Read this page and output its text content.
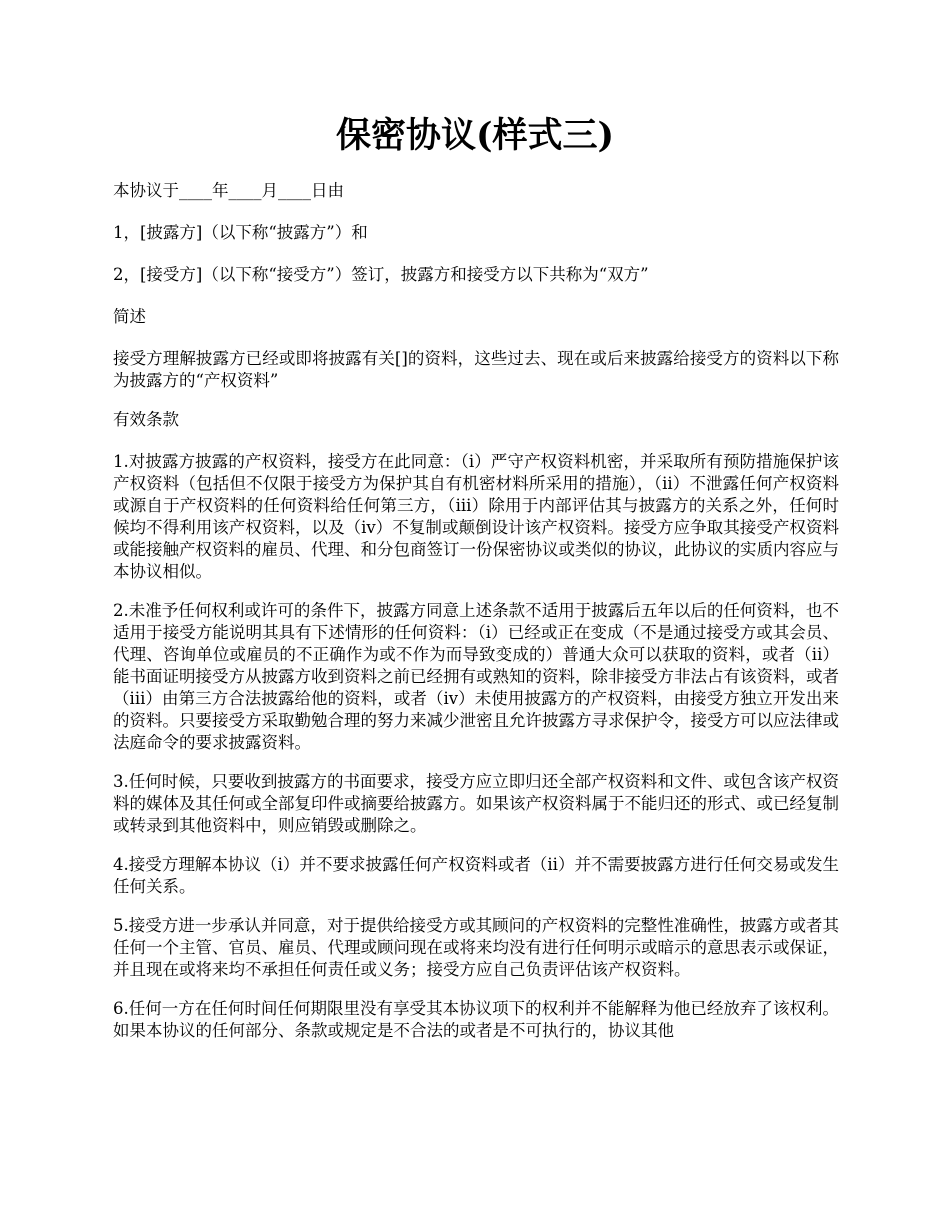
保密协议(样式三)

本协议于____年____月____日由

1，[披露方]（以下称“披露方”）和

2，[接受方]（以下称“接受方”）签订，披露方和接受方以下共称为“双方”

简述

接受方理解披露方已经或即将披露有关[]的资料，这些过去、现在或后来披露给接受方的资料以下称为披露方的“产权资料”

有效条款

1.对披露方披露的产权资料，接受方在此同意：（i）严守产权资料机密，并采取所有预防措施保护该产权资料（包括但不仅限于接受方为保护其自有机密材料所采用的措施），（ii）不泄露任何产权资料或源自于产权资料的任何资料给任何第三方，（iii）除用于内部评估其与披露方的关系之外，任何时候均不得利用该产权资料，以及（iv）不复制或颠倒设计该产权资料。接受方应争取其接受产权资料或能接触产权资料的雇员、代理、和分包商签订一份保密协议或类似的协议，此协议的实质内容应与本协议相似。

2.未准予任何权利或许可的条件下，披露方同意上述条款不适用于披露后五年以后的任何资料，也不适用于接受方能说明其具有下述情形的任何资料：（i）已经或正在变成（不是通过接受方或其会员、代理、咨询单位或雇员的不正确作为或不作为而导致变成的）普通大众可以获取的资料，或者（ii）能书面证明接受方从披露方收到资料之前已经拥有或熟知的资料，除非接受方非法占有该资料，或者（iii）由第三方合法披露给他的资料，或者（iv）未使用披露方的产权资料，由接受方独立开发出来的资料。只要接受方采取勤勉合理的努力来减少泄密且允许披露方寻求保护令，接受方可以应法律或法庭命令的要求披露资料。

3.任何时候，只要收到披露方的书面要求，接受方应立即归还全部产权资料和文件、或包含该产权资料的媒体及其任何或全部复印件或摘要给披露方。如果该产权资料属于不能归还的形式、或已经复制或转录到其他资料中，则应销毁或删除之。

4.接受方理解本协议（i）并不要求披露任何产权资料或者（ii）并不需要披露方进行任何交易或发生任何关系。

5.接受方进一步承认并同意，对于提供给接受方或其顾问的产权资料的完整性准确性，披露方或者其任何一个主管、官员、雇员、代理或顾问现在或将来均没有进行任何明示或暗示的意思表示或保证，并且现在或将来均不承担任何责任或义务；接受方应自己负责评估该产权资料。

6.任何一方在任何时间任何期限里没有享受其本协议项下的权利并不能解释为他已经放弃了该权利。如果本协议的任何部分、条款或规定是不合法的或者是不可执行的，协议其他
